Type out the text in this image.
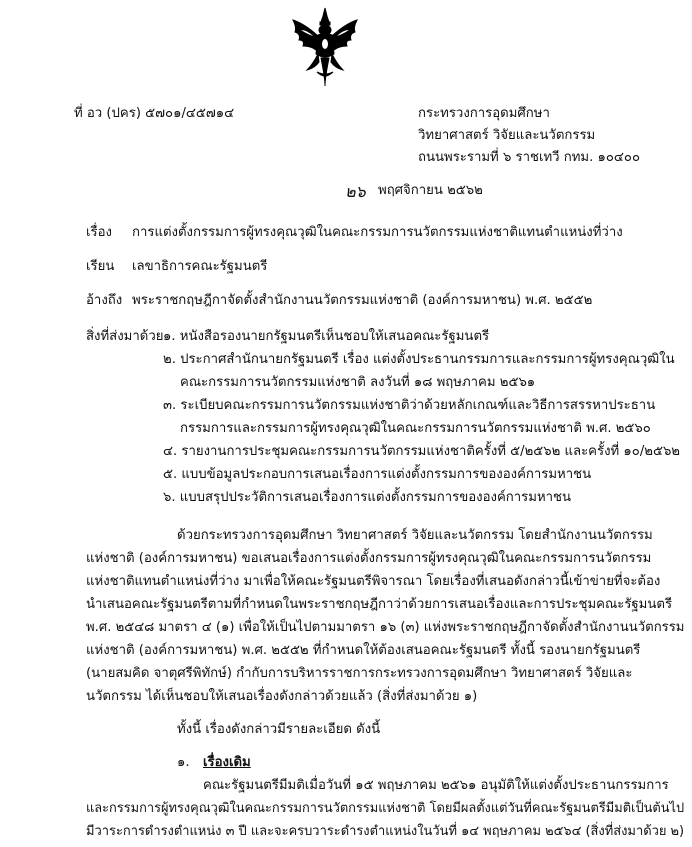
ที่ อว (ปคร) ๕๗๐๑/๔๕๗๑๔	กระทรวงการอุดมศึกษา
วิทยาศาสตร์ วิจัยและนวัตกรรม
ถนนพระรามที่ ๖ ราชเทวี กทม. ๑๐๔๐๐
๒๖ พฤศจิกายน ๒๕๖๒
เรื่อง การแต่งตั้งกรรมการผู้ทรงคุณวุฒิในคณะกรรมการนวัตกรรมแห่งชาติแทนตำแหน่งที่ว่าง
เรียน เลขาธิการคณะรัฐมนตรี
อ้างถึง พระราชกฤษฎีกาจัดตั้งสำนักงานนวัตกรรมแห่งชาติ (องค์การมหาชน) พ.ศ. ๒๕๕๒
สิ่งที่ส่งมาด้วย ๑. หนังสือรองนายกรัฐมนตรีเห็นชอบให้เสนอคณะรัฐมนตรี
๒. ประกาศสำนักนายกรัฐมนตรี เรื่อง แต่งตั้งประธานกรรมการและกรรมการผู้ทรงคุณวุฒิใน
คณะกรรมการนวัตกรรมแห่งชาติ ลงวันที่ ๑๘ พฤษภาคม ๒๕๖๑
๓. ระเบียบคณะกรรมการนวัตกรรมแห่งชาติว่าด้วยหลักเกณฑ์และวิธีการสรรหาประธาน
กรรมการและกรรมการผู้ทรงคุณวุฒิในคณะกรรมการนวัตกรรมแห่งชาติ พ.ศ. ๒๕๖๐
๔. รายงานการประชุมคณะกรรมการนวัตกรรมแห่งชาติครั้งที่ ๕/๒๕๖๒ และครั้งที่ ๑๐/๒๕๖๒
๕. แบบข้อมูลประกอบการเสนอเรื่องการแต่งตั้งกรรมการขององค์การมหาชน
๖. แบบสรุปประวัติการเสนอเรื่องการแต่งตั้งกรรมการขององค์การมหาชน
ด้วยกระทรวงการอุดมศึกษา วิทยาศาสตร์ วิจัยและนวัตกรรม โดยสำนักงานนวัตกรรม
แห่งชาติ (องค์การมหาชน) ขอเสนอเรื่องการแต่งตั้งกรรมการผู้ทรงคุณวุฒิในคณะกรรมการนวัตกรรม
แห่งชาติแทนตำแหน่งที่ว่าง มาเพื่อให้คณะรัฐมนตรีพิจารณา โดยเรื่องที่เสนอดังกล่าวนี้เข้าข่ายที่จะต้อง
นำเสนอคณะรัฐมนตรีตามที่กำหนดในพระราชกฤษฎีกาว่าด้วยการเสนอเรื่องและการประชุมคณะรัฐมนตรี
พ.ศ. ๒๕๔๘ มาตรา ๔ (๑) เพื่อให้เป็นไปตามมาตรา ๑๖ (๓) แห่งพระราชกฤษฎีกาจัดตั้งสำนักงานนวัตกรรม
แห่งชาติ (องค์การมหาชน) พ.ศ. ๒๕๕๒ ที่กำหนดให้ต้องเสนอคณะรัฐมนตรี ทั้งนี้ รองนายกรัฐมนตรี
(นายสมคิด จาตุศรีพิทักษ์) กำกับการบริหารราชการกระทรวงการอุดมศึกษา วิทยาศาสตร์ วิจัยและ
นวัตกรรม ได้เห็นชอบให้เสนอเรื่องดังกล่าวด้วยแล้ว (สิ่งที่ส่งมาด้วย ๑)
ทั้งนี้ เรื่องดังกล่าวมีรายละเอียด ดังนี้
๑. เรื่องเดิม
คณะรัฐมนตรีมีมติเมื่อวันที่ ๑๕ พฤษภาคม ๒๕๖๑ อนุมัติให้แต่งตั้งประธานกรรมการ
และกรรมการผู้ทรงคุณวุฒิในคณะกรรมการนวัตกรรมแห่งชาติ โดยมีผลตั้งแต่วันที่คณะรัฐมนตรีมีมติเป็นต้นไป
มีวาระการดำรงตำแหน่ง ๓ ปี และจะครบวาระดำรงตำแหน่งในวันที่ ๑๔ พฤษภาคม ๒๕๖๔ (สิ่งที่ส่งมาด้วย ๒)
